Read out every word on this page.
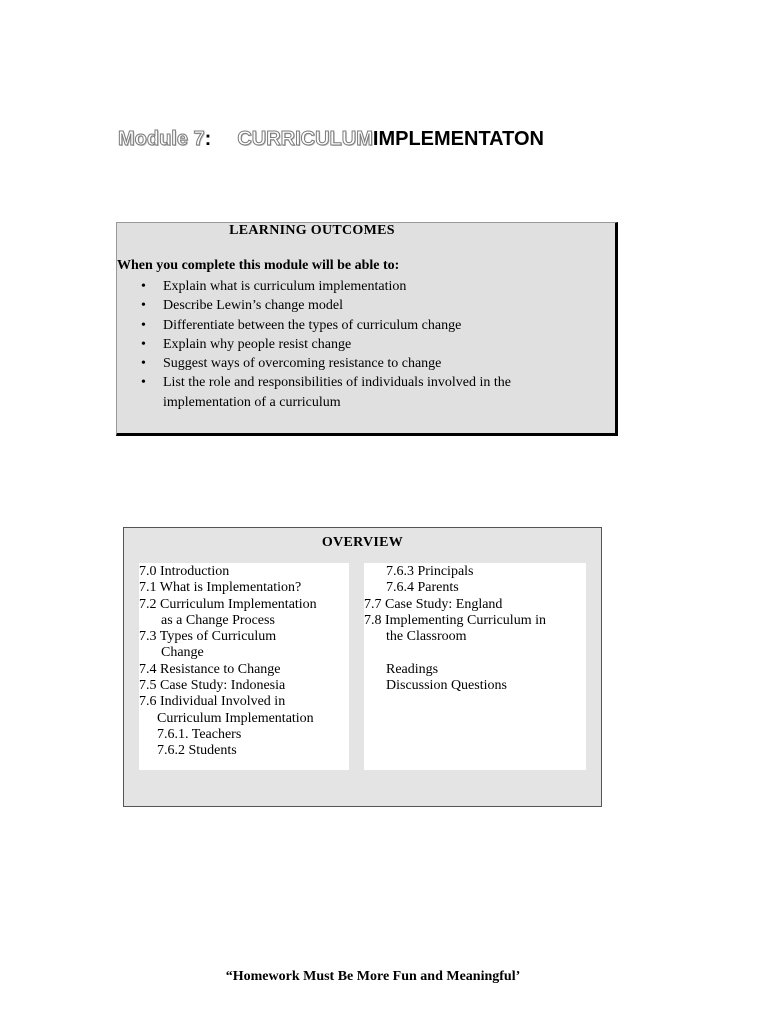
Module 7: CURRICULUMIMPLEMENTATON
LEARNING OUTCOMES
When you complete this module will be able to:
• Explain what is curriculum implementation
• Describe Lewin’s change model
• Differentiate between the types of curriculum change
• Explain why people resist change
• Suggest ways of overcoming resistance to change
• List the role and responsibilities of individuals involved in the implementation of a curriculum
OVERVIEW
7.0 Introduction
7.1 What is Implementation?
7.2 Curriculum Implementation
as a Change Process
7.3 Types of Curriculum
Change
7.4 Resistance to Change
7.5 Case Study: Indonesia
7.6 Individual Involved in
Curriculum Implementation
7.6.1. Teachers
7.6.2 Students
7.6.3 Principals
7.6.4 Parents
7.7 Case Study: England
7.8 Implementing Curriculum in
the Classroom

Readings
Discussion Questions
“Homework Must Be More Fun and Meaningful’
